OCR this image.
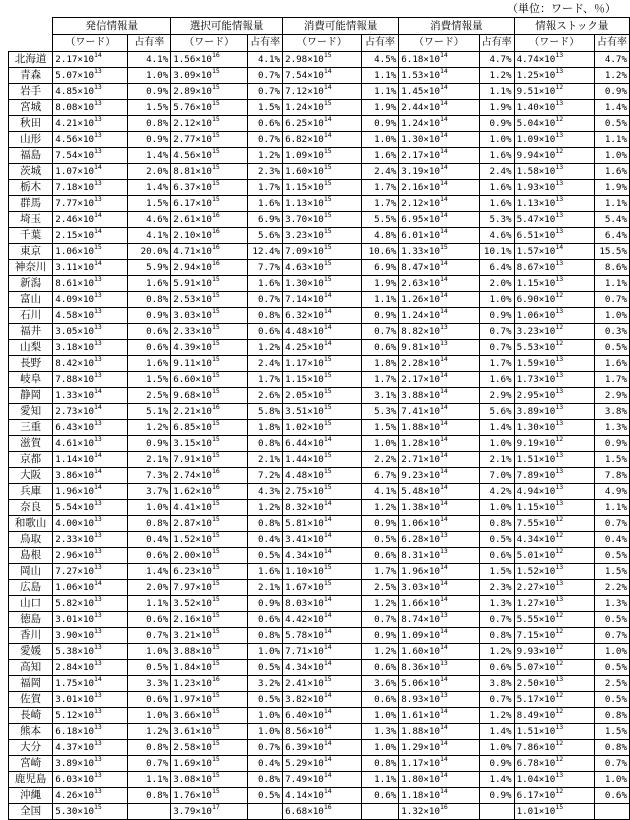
（単位：ワード、％）
	発信情報量		選択可能情報量		消費可能情報量		消費情報量		情報ストック量	
	（ワード）	占有率	（ワード）	占有率	（ワード）	占有率	（ワード）	占有率	（ワード）	占有率
北海道	$2.17\times 10^{14}$	4.1%	$1.56\times 10^{16}$	4.1%	$2.98\times 10^{15}$	4.5%	$6.18\times 10^{14}$	4.7%	$4.74\times 10^{13}$	4.7%
青森	$5.07\times 10^{13}$	1.0%	$3.09\times 10^{15}$	0.7%	$7.54\times 10^{14}$	1.1%	$1.53\times 10^{14}$	1.2%	$1.25\times 10^{13}$	1.2%
岩手	$4.85\times 10^{13}$	0.9%	$2.89\times 10^{15}$	0.7%	$7.12\times 10^{14}$	1.1%	$1.45\times 10^{14}$	1.1%	$9.51\times 10^{12}$	0.9%
宮城	$8.08\times 10^{13}$	1.5%	$5.76\times 10^{15}$	1.5%	$1.24\times 10^{15}$	1.9%	$2.44\times 10^{14}$	1.9%	$1.40\times 10^{13}$	1.4%
秋田	$4.21\times 10^{13}$	0.8%	$2.12\times 10^{15}$	0.6%	$6.25\times 10^{14}$	0.9%	$1.24\times 10^{14}$	0.9%	$5.04\times 10^{12}$	0.5%
山形	$4.56\times 10^{13}$	0.9%	$2.77\times 10^{15}$	0.7%	$6.82\times 10^{14}$	1.0%	$1.30\times 10^{14}$	1.0%	$1.09\times 10^{13}$	1.1%
福島	$7.54\times 10^{13}$	1.4%	$4.56\times 10^{15}$	1.2%	$1.09\times 10^{15}$	1.6%	$2.17\times 10^{14}$	1.6%	$9.94\times 10^{12}$	1.0%
茨城	$1.07\times 10^{14}$	2.0%	$8.81\times 10^{15}$	2.3%	$1.60\times 10^{15}$	2.4%	$3.19\times 10^{14}$	2.4%	$1.58\times 10^{13}$	1.6%
栃木	$7.18\times 10^{13}$	1.4%	$6.37\times 10^{15}$	1.7%	$1.15\times 10^{15}$	1.7%	$2.16\times 10^{14}$	1.6%	$1.93\times 10^{13}$	1.9%
群馬	$7.77\times 10^{13}$	1.5%	$6.17\times 10^{15}$	1.6%	$1.13\times 10^{15}$	1.7%	$2.12\times 10^{14}$	1.6%	$1.13\times 10^{13}$	1.1%
埼玉	$2.46\times 10^{14}$	4.6%	$2.61\times 10^{16}$	6.9%	$3.70\times 10^{15}$	5.5%	$6.95\times 10^{14}$	5.3%	$5.47\times 10^{13}$	5.4%
千葉	$2.15\times 10^{14}$	4.1%	$2.10\times 10^{16}$	5.6%	$3.23\times 10^{15}$	4.8%	$6.01\times 10^{14}$	4.6%	$6.51\times 10^{13}$	6.4%
東京	$1.06\times 10^{15}$	20.0%	$4.71\times 10^{16}$	12.4%	$7.09\times 10^{15}$	10.6%	$1.33\times 10^{15}$	10.1%	$1.57\times 10^{14}$	15.5%
神奈川	$3.11\times 10^{14}$	5.9%	$2.94\times 10^{16}$	7.7%	$4.63\times 10^{15}$	6.9%	$8.47\times 10^{14}$	6.4%	$8.67\times 10^{13}$	8.6%
新潟	$8.61\times 10^{13}$	1.6%	$5.91\times 10^{15}$	1.6%	$1.30\times 10^{15}$	1.9%	$2.63\times 10^{14}$	2.0%	$1.15\times 10^{13}$	1.1%
富山	$4.09\times 10^{13}$	0.8%	$2.53\times 10^{15}$	0.7%	$7.14\times 10^{14}$	1.1%	$1.26\times 10^{14}$	1.0%	$6.90\times 10^{12}$	0.7%
石川	$4.58\times 10^{13}$	0.9%	$3.03\times 10^{15}$	0.8%	$6.32\times 10^{14}$	0.9%	$1.24\times 10^{14}$	0.9%	$1.06\times 10^{13}$	1.0%
福井	$3.05\times 10^{13}$	0.6%	$2.33\times 10^{15}$	0.6%	$4.48\times 10^{14}$	0.7%	$8.82\times 10^{13}$	0.7%	$3.23\times 10^{12}$	0.3%
山梨	$3.18\times 10^{13}$	0.6%	$4.39\times 10^{15}$	1.2%	$4.25\times 10^{14}$	0.6%	$9.81\times 10^{13}$	0.7%	$5.53\times 10^{12}$	0.5%
長野	$8.42\times 10^{13}$	1.6%	$9.11\times 10^{15}$	2.4%	$1.17\times 10^{15}$	1.8%	$2.28\times 10^{14}$	1.7%	$1.59\times 10^{13}$	1.6%
岐阜	$7.88\times 10^{13}$	1.5%	$6.60\times 10^{15}$	1.7%	$1.15\times 10^{15}$	1.7%	$2.17\times 10^{14}$	1.6%	$1.73\times 10^{13}$	1.7%
静岡	$1.33\times 10^{14}$	2.5%	$9.68\times 10^{15}$	2.6%	$2.05\times 10^{15}$	3.1%	$3.88\times 10^{14}$	2.9%	$2.95\times 10^{13}$	2.9%
愛知	$2.73\times 10^{14}$	5.1%	$2.21\times 10^{16}$	5.8%	$3.51\times 10^{15}$	5.3%	$7.41\times 10^{14}$	5.6%	$3.89\times 10^{13}$	3.8%
三重	$6.43\times 10^{13}$	1.2%	$6.85\times 10^{15}$	1.8%	$1.02\times 10^{15}$	1.5%	$1.88\times 10^{14}$	1.4%	$1.30\times 10^{13}$	1.3%
滋賀	$4.61\times 10^{13}$	0.9%	$3.15\times 10^{15}$	0.8%	$6.44\times 10^{14}$	1.0%	$1.28\times 10^{14}$	1.0%	$9.19\times 10^{12}$	0.9%
京都	$1.14\times 10^{14}$	2.1%	$7.91\times 10^{15}$	2.1%	$1.44\times 10^{15}$	2.2%	$2.71\times 10^{14}$	2.1%	$1.51\times 10^{13}$	1.5%
大阪	$3.86\times 10^{14}$	7.3%	$2.74\times 10^{16}$	7.2%	$4.48\times 10^{15}$	6.7%	$9.23\times 10^{14}$	7.0%	$7.89\times 10^{13}$	7.8%
兵庫	$1.96\times 10^{14}$	3.7%	$1.62\times 10^{16}$	4.3%	$2.75\times 10^{15}$	4.1%	$5.48\times 10^{14}$	4.2%	$4.94\times 10^{13}$	4.9%
奈良	$5.54\times 10^{13}$	1.0%	$4.41\times 10^{15}$	1.2%	$8.32\times 10^{14}$	1.2%	$1.38\times 10^{14}$	1.0%	$1.15\times 10^{13}$	1.1%
和歌山	$4.00\times 10^{13}$	0.8%	$2.87\times 10^{15}$	0.8%	$5.81\times 10^{14}$	0.9%	$1.06\times 10^{14}$	0.8%	$7.55\times 10^{12}$	0.7%
鳥取	$2.33\times 10^{13}$	0.4%	$1.52\times 10^{15}$	0.4%	$3.41\times 10^{14}$	0.5%	$6.28\times 10^{13}$	0.5%	$4.34\times 10^{12}$	0.4%
島根	$2.96\times 10^{13}$	0.6%	$2.00\times 10^{15}$	0.5%	$4.34\times 10^{14}$	0.6%	$8.31\times 10^{13}$	0.6%	$5.01\times 10^{12}$	0.5%
岡山	$7.27\times 10^{13}$	1.4%	$6.23\times 10^{15}$	1.6%	$1.10\times 10^{15}$	1.7%	$1.96\times 10^{14}$	1.5%	$1.52\times 10^{13}$	1.5%
広島	$1.06\times 10^{14}$	2.0%	$7.97\times 10^{15}$	2.1%	$1.67\times 10^{15}$	2.5%	$3.03\times 10^{14}$	2.3%	$2.27\times 10^{13}$	2.2%
山口	$5.82\times 10^{13}$	1.1%	$3.52\times 10^{15}$	0.9%	$8.03\times 10^{14}$	1.2%	$1.66\times 10^{14}$	1.3%	$1.27\times 10^{13}$	1.3%
徳島	$3.01\times 10^{13}$	0.6%	$2.16\times 10^{15}$	0.6%	$4.42\times 10^{14}$	0.7%	$8.74\times 10^{13}$	0.7%	$5.55\times 10^{12}$	0.5%
香川	$3.90\times 10^{13}$	0.7%	$3.21\times 10^{15}$	0.8%	$5.78\times 10^{14}$	0.9%	$1.09\times 10^{14}$	0.8%	$7.15\times 10^{12}$	0.7%
愛媛	$5.38\times 10^{13}$	1.0%	$3.88\times 10^{15}$	1.0%	$7.71\times 10^{14}$	1.2%	$1.60\times 10^{14}$	1.2%	$9.93\times 10^{12}$	1.0%
高知	$2.84\times 10^{13}$	0.5%	$1.84\times 10^{15}$	0.5%	$4.34\times 10^{14}$	0.6%	$8.36\times 10^{13}$	0.6%	$5.07\times 10^{12}$	0.5%
福岡	$1.75\times 10^{14}$	3.3%	$1.23\times 10^{16}$	3.2%	$2.41\times 10^{15}$	3.6%	$5.06\times 10^{14}$	3.8%	$2.50\times 10^{13}$	2.5%
佐賀	$3.01\times 10^{13}$	0.6%	$1.97\times 10^{15}$	0.5%	$3.82\times 10^{14}$	0.6%	$8.93\times 10^{13}$	0.7%	$5.17\times 10^{12}$	0.5%
長崎	$5.12\times 10^{13}$	1.0%	$3.66\times 10^{15}$	1.0%	$6.40\times 10^{14}$	1.0%	$1.61\times 10^{14}$	1.2%	$8.49\times 10^{12}$	0.8%
熊本	$6.18\times 10^{13}$	1.2%	$3.61\times 10^{15}$	1.0%	$8.56\times 10^{14}$	1.3%	$1.88\times 10^{14}$	1.4%	$1.51\times 10^{13}$	1.5%
大分	$4.37\times 10^{13}$	0.8%	$2.58\times 10^{15}$	0.7%	$6.39\times 10^{14}$	1.0%	$1.29\times 10^{14}$	1.0%	$7.86\times 10^{12}$	0.8%
宮崎	$3.89\times 10^{13}$	0.7%	$1.69\times 10^{15}$	0.4%	$5.29\times 10^{14}$	0.8%	$1.17\times 10^{14}$	0.9%	$6.78\times 10^{12}$	0.7%
鹿児島	$6.03\times 10^{13}$	1.1%	$3.08\times 10^{15}$	0.8%	$7.49\times 10^{14}$	1.1%	$1.80\times 10^{14}$	1.4%	$1.04\times 10^{13}$	1.0%
沖縄	$4.26\times 10^{13}$	0.8%	$1.76\times 10^{15}$	0.5%	$4.14\times 10^{14}$	0.6%	$1.18\times 10^{14}$	0.9%	$6.17\times 10^{12}$	0.6%
全国	$5.30\times 10^{15}$		$3.79\times 10^{17}$		$6.68\times 10^{16}$		$1.32\times 10^{16}$		$1.01\times 10^{15}$	
